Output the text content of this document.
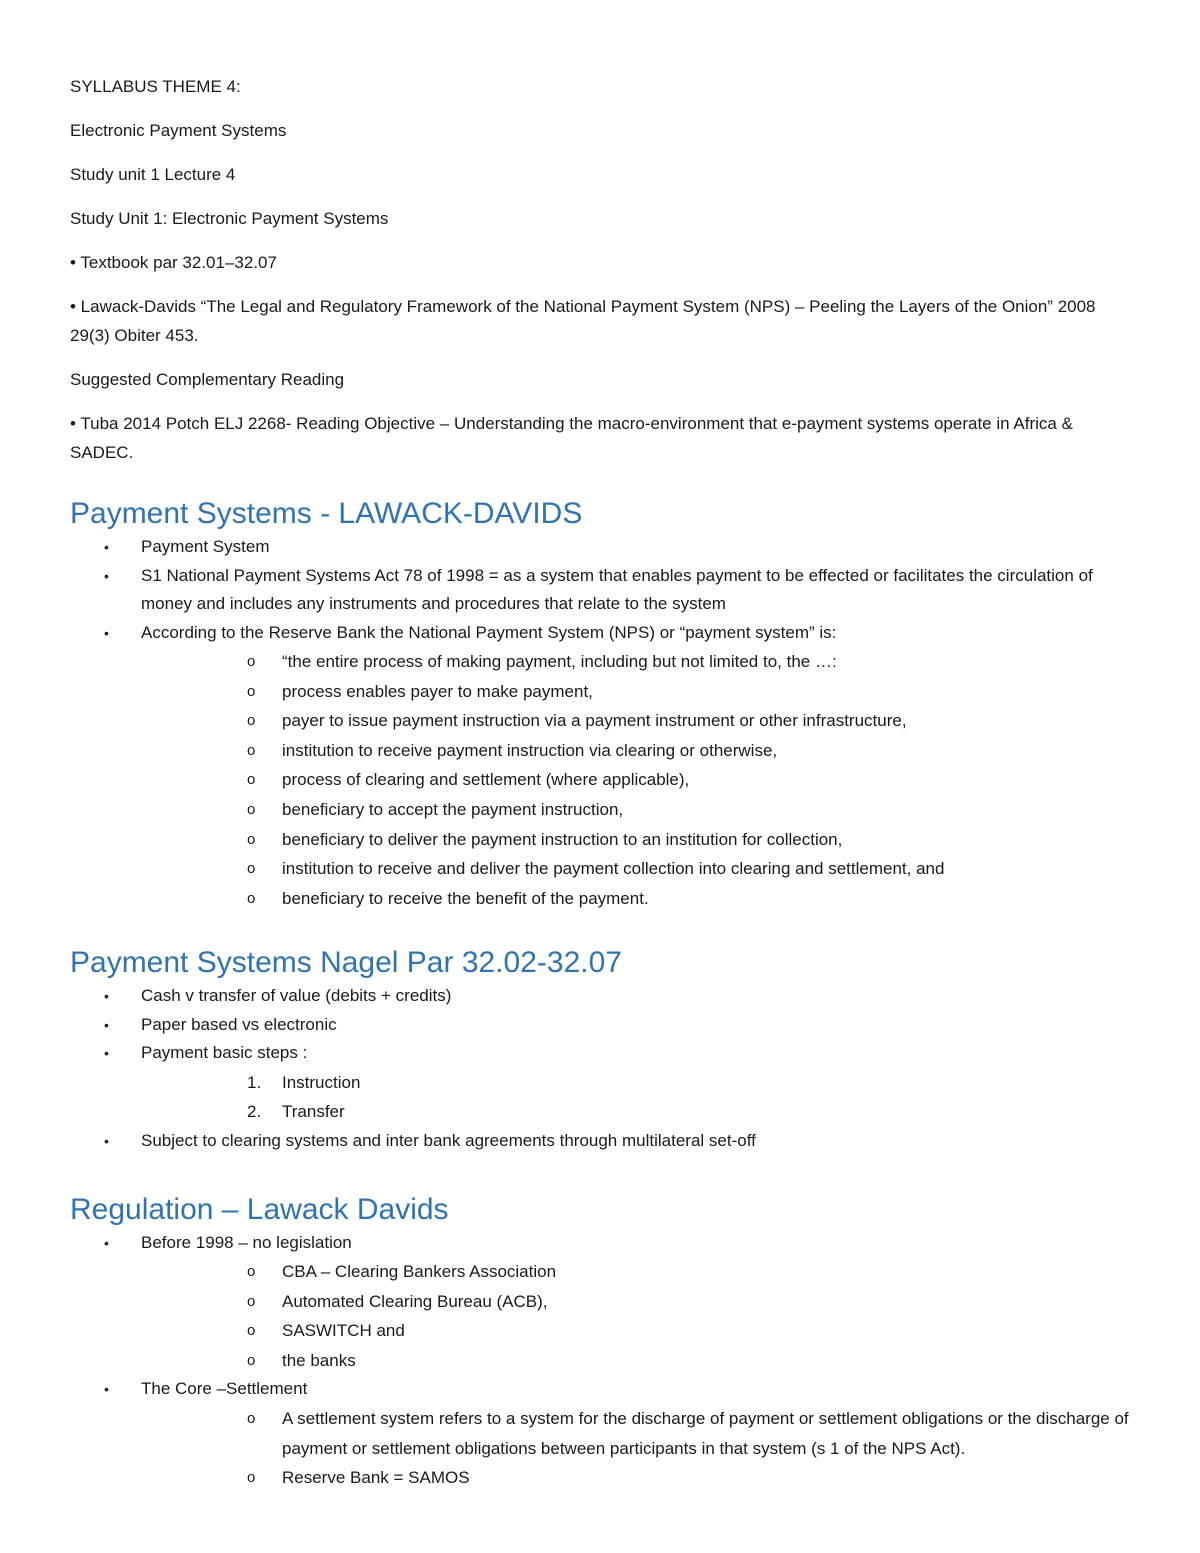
SYLLABUS THEME 4:

Electronic Payment Systems

Study unit 1 Lecture 4

Study Unit 1: Electronic Payment Systems

• Textbook par 32.01–32.07

• Lawack-Davids “The Legal and Regulatory Framework of the National Payment System (NPS) – Peeling the Layers of the Onion” 2008 29(3) Obiter 453.

Suggested Complementary Reading

• Tuba 2014 Potch ELJ 2268- Reading Objective – Understanding the macro-environment that e-payment systems operate in Africa & SADEC.

Payment Systems - LAWACK-DAVIDS
• Payment System
• S1 National Payment Systems Act 78 of 1998 = as a system that enables payment to be effected or facilitates the circulation of money and includes any instruments and procedures that relate to the system
• According to the Reserve Bank the National Payment System (NPS) or “payment system” is:
o “the entire process of making payment, including but not limited to, the …:
o process enables payer to make payment,
o payer to issue payment instruction via a payment instrument or other infrastructure,
o institution to receive payment instruction via clearing or otherwise,
o process of clearing and settlement (where applicable),
o beneficiary to accept the payment instruction,
o beneficiary to deliver the payment instruction to an institution for collection,
o institution to receive and deliver the payment collection into clearing and settlement, and
o beneficiary to receive the benefit of the payment.
Payment Systems Nagel Par 32.02-32.07
• Cash v transfer of value (debits + credits)
• Paper based vs electronic
• Payment basic steps :
1. Instruction
2. Transfer
• Subject to clearing systems and inter bank agreements through multilateral set-off
Regulation – Lawack Davids
• Before 1998 – no legislation
o CBA – Clearing Bankers Association
o Automated Clearing Bureau (ACB),
o SASWITCH and
o the banks
• The Core –Settlement
o A settlement system refers to a system for the discharge of payment or settlement obligations or the discharge of payment or settlement obligations between participants in that system (s 1 of the NPS Act).
o Reserve Bank = SAMOS
